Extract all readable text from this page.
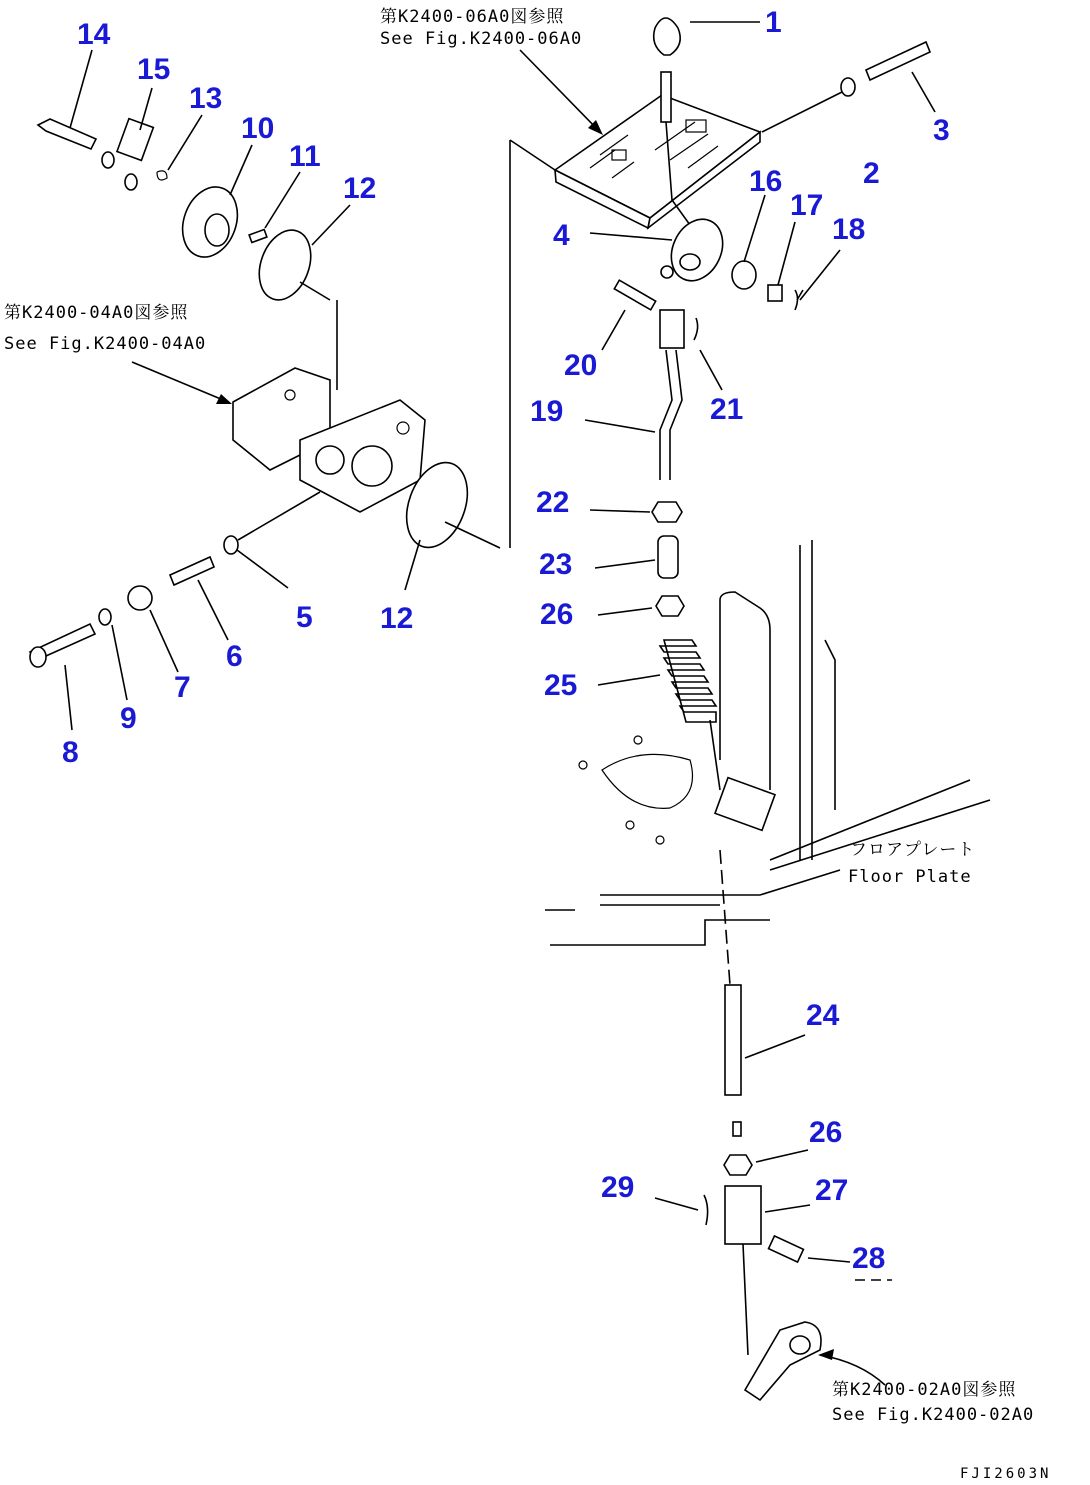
第K2400-06A0図参照
See Fig.K2400-06A0
第K2400-04A0図参照
See Fig.K2400-04A0
第K2400-02A0図参照
See Fig.K2400-02A0
フロアプレート
Floor Plate
FJI2603N
1
2
3
4
5
6
7
8
9
10
11
12
12
13
14
15
16
17
18
19
20
21
22
23
24
25
26
26
27
28
29
